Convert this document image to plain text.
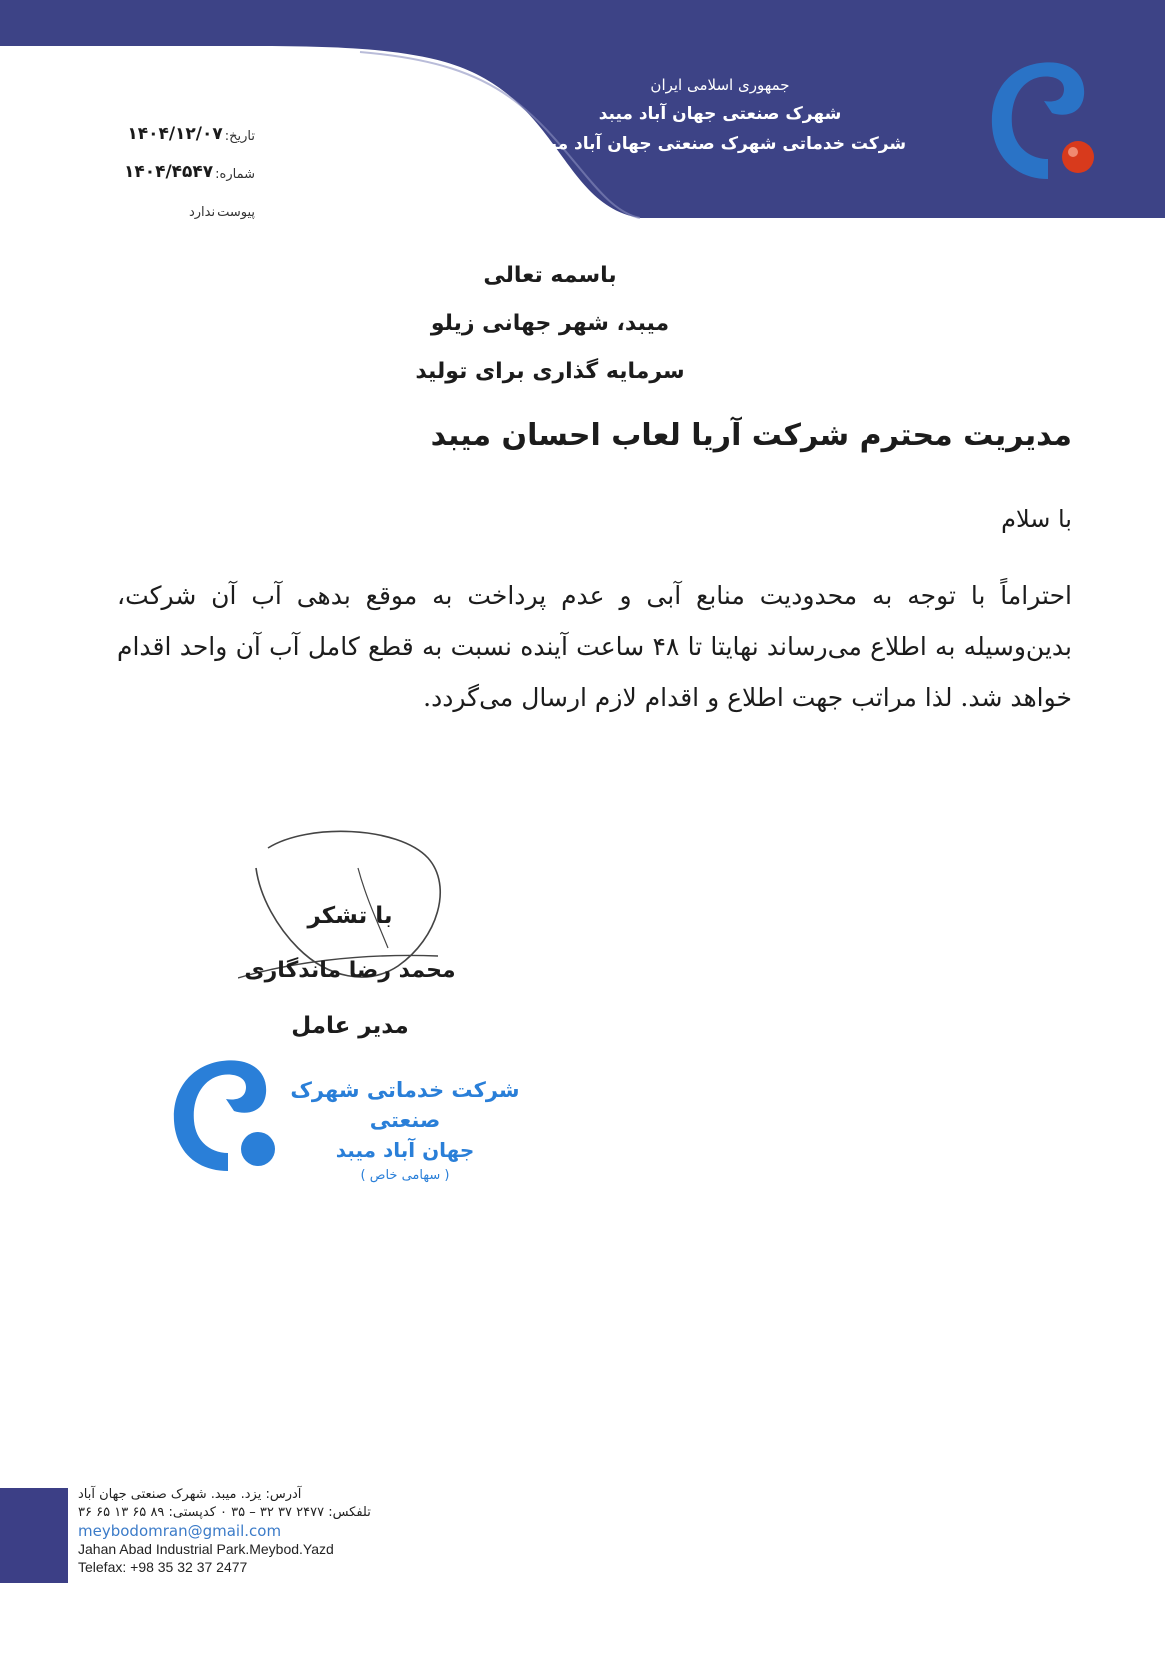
جمهوری اسلامی ایران
شهرک صنعتی جهان آباد میبد
شرکت خدماتی شهرک صنعتی جهان آباد میبد
تاریخ:
۱۴۰۴/۱۲/۰۷
شماره:
۱۴۰۴/۴۵۴۷
پیوست
ندارد
باسمه تعالی
میبد، شهر جهانی زیلو
سرمایه گذاری برای تولید
مدیریت محترم شرکت آریا لعاب احسان میبد
با سلام
احتراماً با توجه به محدودیت منابع آبی و عدم پرداخت به موقع بدهی آب آن شرکت، بدین‌وسیله به اطلاع می‌رساند نهایتا تا ۴۸ ساعت آینده نسبت به قطع کامل آب آن واحد اقدام خواهد شد. لذا مراتب جهت اطلاع و اقدام لازم ارسال می‌گردد.
با تشکر
محمد رضا ماندگاری
مدیر عامل
شرکت خدماتی شهرک صنعتی
جهان آباد میبد
( سهامی خاص )
آدرس: یزد. میبد. شهرک صنعتی جهان آباد
تلفکس: ۲۴۷۷ ۳۷ ۳۲ – ۳۵ ۰ کدپستی: ۸۹ ۶۵ ۱۳ ۶۵ ۳۶
meybodomran@gmail.com
Jahan Abad Industrial Park.Meybod.Yazd
Telefax: +98 35 32 37 2477
